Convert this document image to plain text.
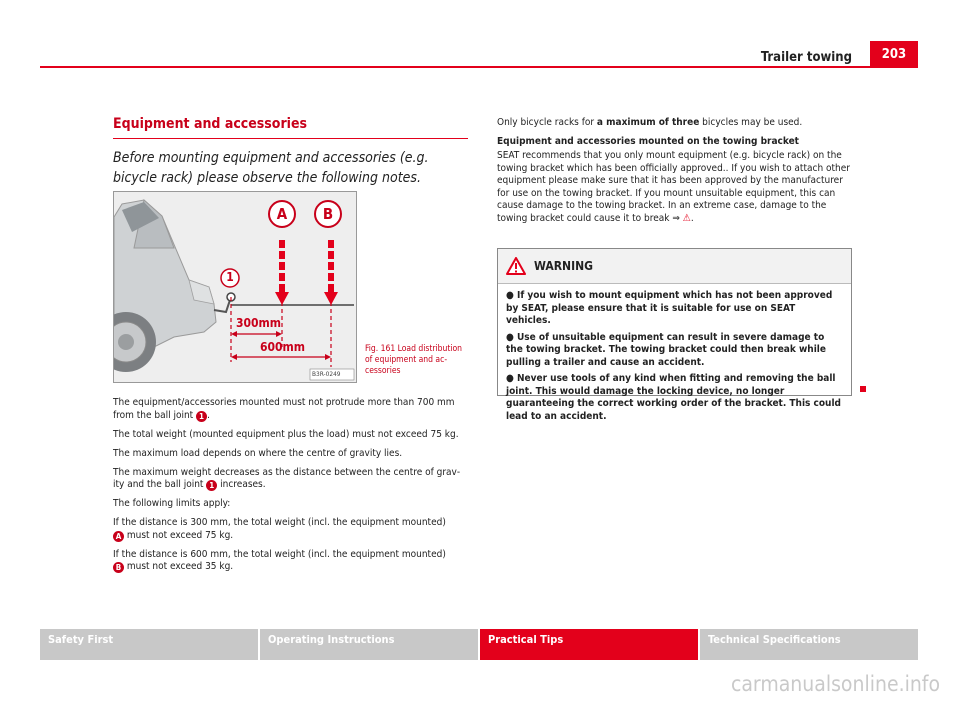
Trailer towing	203
Equipment and accessories
Before mounting equipment and accessories (e.g. bicycle rack) please observe the following notes.
A B
1
300mm
600mm
B3R-0249
Fig. 161 Load distribution of equipment and accessories

The equipment/accessories mounted must not protrude more than 700 mm from the ball joint 1 .

The total weight (mounted equipment plus the load) must not exceed 75 kg.

The maximum load depends on where the centre of gravity lies.

The maximum weight decreases as the distance between the centre of gravity and the ball joint 1 increases.

The following limits apply:

If the distance is 300 mm, the total weight (incl. the equipment mounted)
A must not exceed 75 kg.

If the distance is 600 mm, the total weight (incl. the equipment mounted)
B must not exceed 35 kg.

Only bicycle racks for a maximum of three bicycles may be used.

Equipment and accessories mounted on the towing bracket

SEAT recommends that you only mount equipment (e.g. bicycle rack) on the towing bracket which has been officially approved.. If you wish to attach other equipment please make sure that it has been approved by the manufacturer for use on the towing bracket. If you mount unsuitable equipment, this can cause damage to the towing bracket. In an extreme case, damage to the towing bracket could cause it to break ⇒ ⚠.

WARNING

● If you wish to mount equipment which has not been approved by SEAT, please ensure that it is suitable for use on SEAT vehicles.

● Use of unsuitable equipment can result in severe damage to the towing bracket. The towing bracket could then break while pulling a trailer and cause an accident.

● Never use tools of any kind when fitting and removing the ball joint. This would damage the locking device, no longer guaranteeing the correct working order of the bracket. This could lead to an accident.

Safety First	Operating Instructions	Practical Tips	Technical Specifications
carmanualsonline.info
